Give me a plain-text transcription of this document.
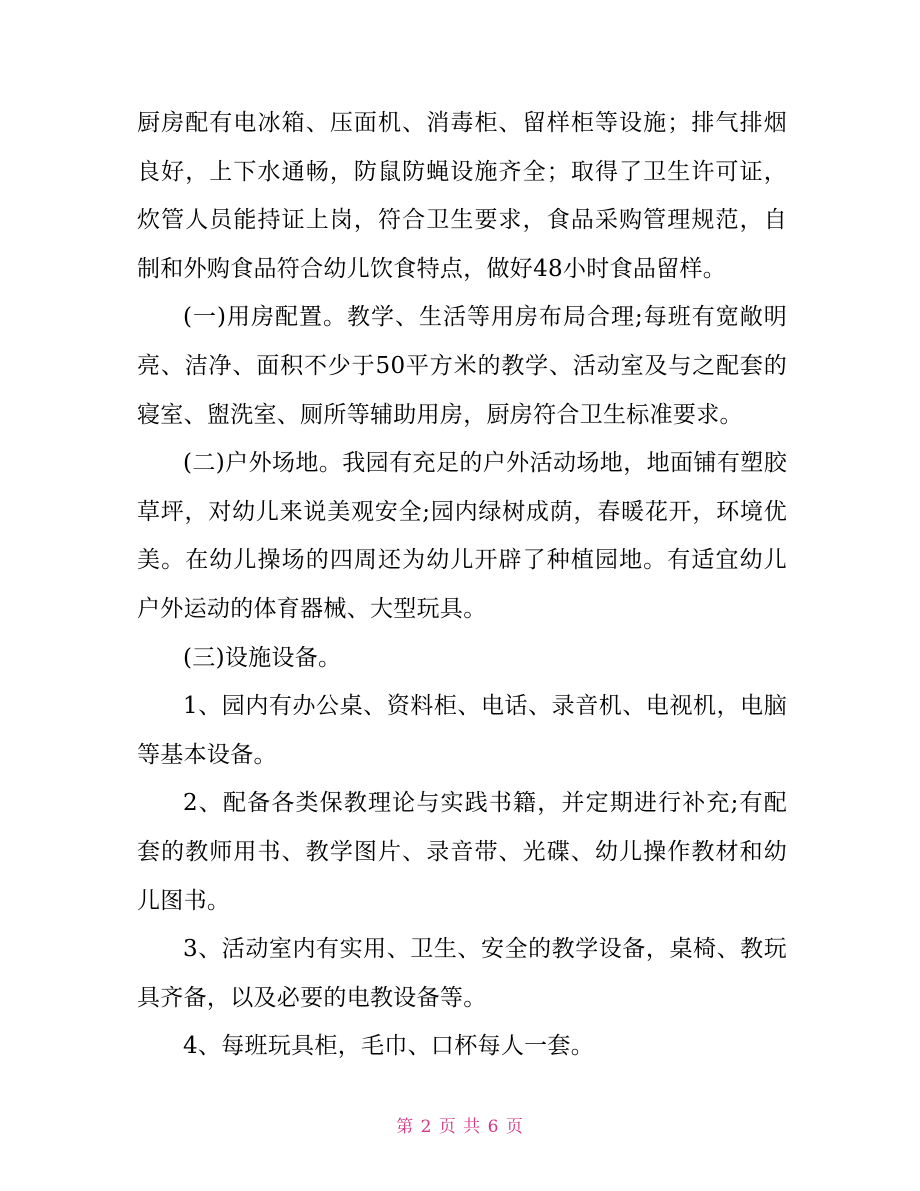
厨房配有电冰箱、压面机、消毒柜、留样柜等设施；排气排烟良好，上下水通畅，防鼠防蝇设施齐全；取得了卫生许可证，炊管人员能持证上岗，符合卫生要求，食品采购管理规范，自制和外购食品符合幼儿饮食特点，做好48小时食品留样。

(一)用房配置。教学、生活等用房布局合理;每班有宽敞明亮、洁净、面积不少于50平方米的教学、活动室及与之配套的寝室、盥洗室、厕所等辅助用房，厨房符合卫生标准要求。

(二)户外场地。我园有充足的户外活动场地，地面铺有塑胶草坪，对幼儿来说美观安全;园内绿树成荫，春暖花开，环境优美。在幼儿操场的四周还为幼儿开辟了种植园地。有适宜幼儿户外运动的体育器械、大型玩具。

(三)设施设备。

1、园内有办公桌、资料柜、电话、录音机、电视机，电脑等基本设备。

2、配备各类保教理论与实践书籍，并定期进行补充;有配套的教师用书、教学图片、录音带、光碟、幼儿操作教材和幼儿图书。

3、活动室内有实用、卫生、安全的教学设备，桌椅、教玩具齐备，以及必要的电教设备等。

4、每班玩具柜，毛巾、口杯每人一套。

第 2 页 共 6 页
